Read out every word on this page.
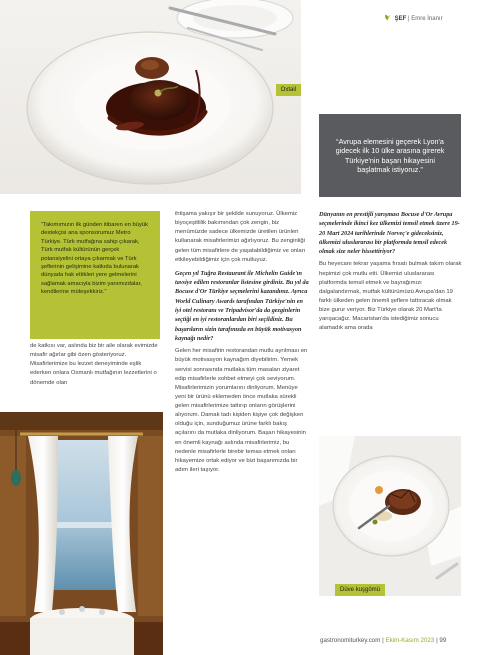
ŞEF | Emre İnanır
Oxtail
“Avrupa elemesini geçerek Lyon'a gidecek ilk 10 ülke arasına girerek Türkiye'nin başarı hikayesini başlatmak istiyoruz.”
“Takımımızın ilk günden itibaren en büyük destekçisi ana sponsorumuz Metro Türkiye. Türk mutfağına sahip çıkarak, Türk mutfak kültürünün gerçek potansiyelini ortaya çıkarmak ve Türk şeflerinin gelişimine katkıda bulunarak dünyada hak ettikleri yere gelmelerini sağlamak amacıyla bizim yanımızdalar, kendilerine müteşekkiriz.”

de katkısı var, aslında biz bir aile olarak evimizde misafir ağırlar gibi özen gösteriyoruz. Misafirlerimize bu lezzet deneyiminde eşlik ederken onlara Osmanlı mutfağının lezzetlerini o dönemde olan

ihtişama yakışır bir şekilde sunuyoruz. Ülkemiz biyoçeşitlilik bakımından çok zengin, biz menümüzde sadece ülkemizde üretilen ürünleri kullanarak misafirlerimizi ağırlıyoruz. Bu zenginliği gelen tüm misafirlere de yaşatabildiğimiz ve onları etkileyebildiğimiz için çok mutluyuz.

Geçen yıl Tuğra Restaurant ile Michelin Guide'ın tavsiye edilen restoranlar listesine girdiniz. Bu yıl da Bocuse d'Or Türkiye seçmelerini kazandınız. Ayrıca World Culinary Awards tarafından Türkiye'nin en iyi otel restoranı ve Tripadvisor'da da gezginlerin seçtiği en iyi restoranlardan biri seçildiniz. Bu başarıların sizin tarafınızda en büyük motivasyon kaynağı nedir?

Gelen her misafirin restorandan mutlu ayrılması en büyük motivasyon kaynağım diyebilirim. Yemek servisi sonrasında mutlaka tüm masaları ziyaret edip misafirlerle sohbet etmeyi çok seviyorum. Misafirlerimizin yorumlarını dinliyorum. Menüye yeni bir ürünü eklemeden önce mutlaka sürekli gelen misafirlerimize tattırıp onların görüşlerini alıyorum. Damak tadı kişiden kişiye çok değişken olduğu için, sunduğumuz ürüne farklı bakış açılarını da mutlaka dinliyorum. Başarı hikayesinin en önemli kaynağı aslında misafirlerimiz, bu nedenle misafirlerle birebir temas etmek onları hikayemize ortak ediyor ve bizi başarımızda bir adım ileri taşıyor.

Dünyanın en prestijli yarışması Bocuse d'Or Avrupa seçmelerinde ikinci kez ülkemizi temsil etmek üzere 19-20 Mart 2024 tarihlerinde Norveç'e gideceksiniz, ülkemizi uluslararası bir platformda temsil edecek olmak size neler hissettiriyor?

Bu heyecanı tekrar yaşama fırsatı bulmak takım olarak hepimizi çok mutlu etti. Ülkemizi uluslararası platformda temsil etmek ve bayrağımızı dalgalandırmak, mutfak kültürümüzü Avrupa'dan 19 farklı ülkeden gelen önemli şeflere tattıracak olmak bize gurur veriyor. Biz Türkiye olarak 20 Mart'ta yarışacağız. Macaristan'da istediğimiz sonucu alamadık ama orada

Düve kuşgömü
gastronomiturkey.com | Ekim-Kasım 2023 | 99
